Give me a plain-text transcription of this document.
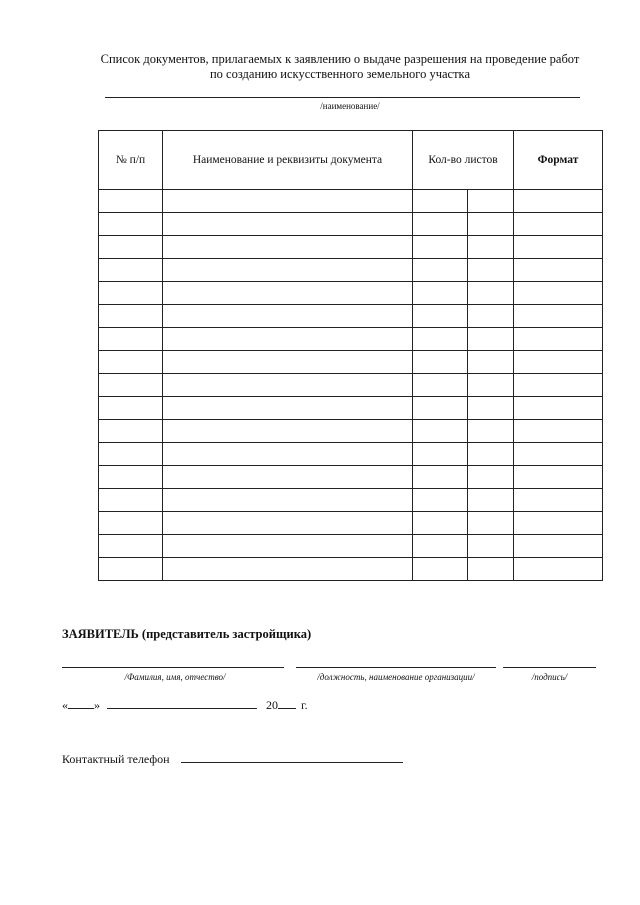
Список документов, прилагаемых к заявлению о выдаче разрешения на проведение работ
по созданию искусственного земельного участка
/наименование/
№ п/п	Наименование и реквизиты документа	Кол-во листов		Формат

ЗАЯВИТЕЛЬ (представитель застройщика)
/Фамилия, имя, отчество/	/должность, наименование организации/	/подпись/
« »	20 г.
Контактный телефон
